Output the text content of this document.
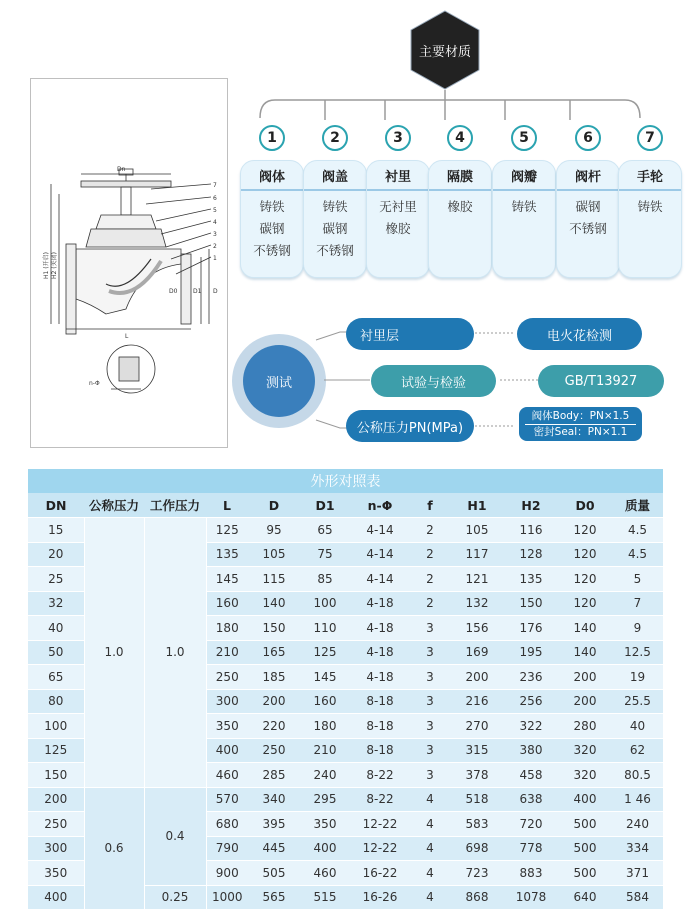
Dn
7
6
5
4
3
2
1
L
D0	D1 D
H1 (开启) H2 (关闭)
n-Φ
主要材质
1
阀体
铸铁
碳钢
不锈钢
2
阀盖
铸铁
碳钢
不锈钢
3
衬里
无衬里
橡胶
4
隔膜
橡胶
5
阀瓣
铸铁
6
阀杆
碳钢
不锈钢
7
手轮
铸铁
测试
衬里层	电火花检测
试验与检验	GB/T13927
公称压力PN(MPa)
阀体Body：PN×1.5
密封Seal：PN×1.1
外形对照表
DN	公称压力	工作压力	L	D	D1	n-Φ	f	H1	H2	D0	质量
15	1.0	1.0	125	95	65	4-14	2	105	116	120	4.5
20			135	105	75	4-14	2	117	128	120	4.5
25			145	115	85	4-14	2	121	135	120	5
32			160	140	100	4-18	2	132	150	120	7
40			180	150	110	4-18	3	156	176	140	9
50			210	165	125	4-18	3	169	195	140	12.5
65			250	185	145	4-18	3	200	236	200	19
80			300	200	160	8-18	3	216	256	200	25.5
100			350	220	180	8-18	3	270	322	280	40
125			400	250	210	8-18	3	315	380	320	62
150			460	285	240	8-22	3	378	458	320	80.5
200	0.6	0.4	570	340	295	8-22	4	518	638	400	1 46
250			680	395	350	12-22	4	583	720	500	240
300			790	445	400	12-22	4	698	778	500	334
350			900	505	460	16-22	4	723	883	500	371
400		0.25	1000	565	515	16-26	4	868	1078	640	584
